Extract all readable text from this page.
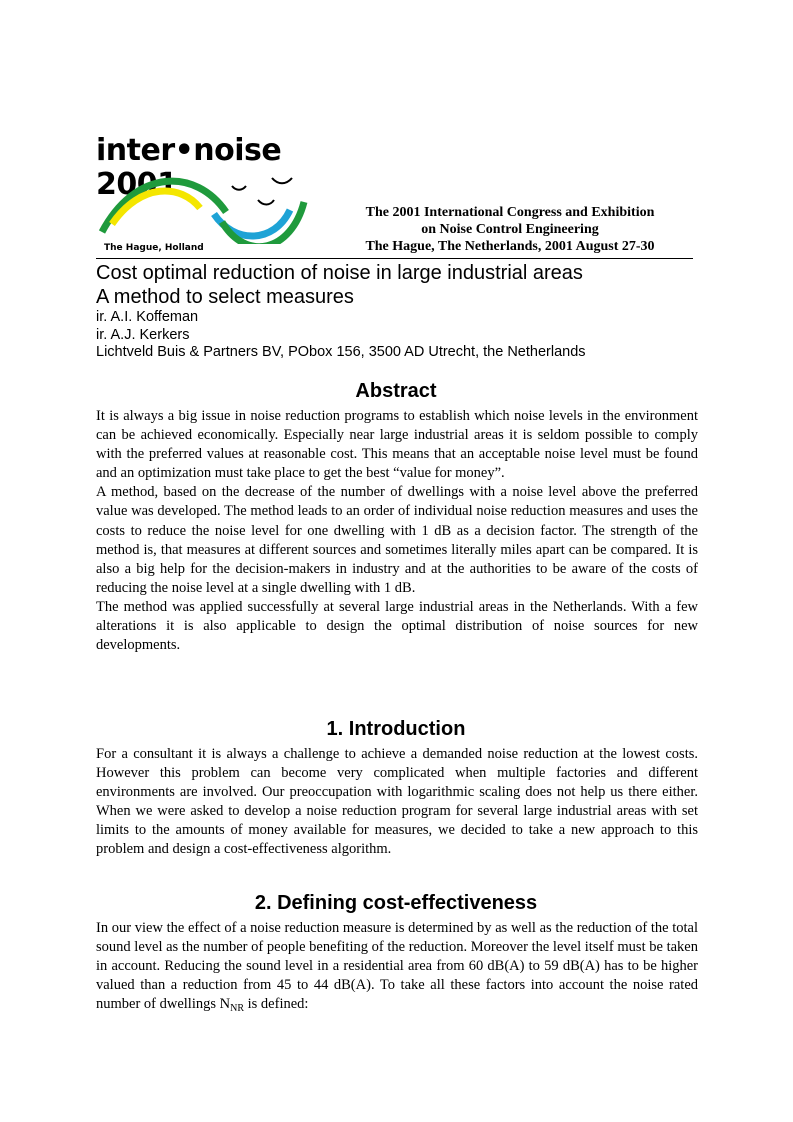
inter•noise 2001
The Hague, Holland
The 2001 International Congress and Exhibition
on Noise Control Engineering
The Hague, The Netherlands, 2001 August 27-30
Cost optimal reduction of noise in large industrial areas
A method to select measures
ir. A.I. Koffeman
ir. A.J. Kerkers
Lichtveld Buis & Partners BV, PObox 156, 3500 AD Utrecht, the Netherlands
Abstract

It is always a big issue in noise reduction programs to establish which noise levels in the environment can be achieved economically. Especially near large industrial areas it is seldom possible to comply with the preferred values at reasonable cost. This means that an acceptable noise level must be found and an optimization must take place to get the best “value for money”.

A method, based on the decrease of the number of dwellings with a noise level above the preferred value was developed. The method leads to an order of individual noise reduction measures and uses the costs to reduce the noise level for one dwelling with 1 dB as a decision factor. The strength of the method is, that measures at different sources and sometimes literally miles apart can be compared. It is also a big help for the decision-makers in industry and at the authorities to be aware of the costs of reducing the noise level at a single dwelling with 1 dB.

The method was applied successfully at several large industrial areas in the Netherlands. With a few alterations it is also applicable to design the optimal distribution of noise sources for new developments.

1. Introduction

For a consultant it is always a challenge to achieve a demanded noise reduction at the lowest costs. However this problem can become very complicated when multiple factories and different environments are involved. Our preoccupation with logarithmic scaling does not help us there either. When we were asked to develop a noise reduction program for several large industrial areas with set limits to the amounts of money available for measures, we decided to take a new approach to this problem and design a cost-effectiveness algorithm.

2. Defining cost-effectiveness

In our view the effect of a noise reduction measure is determined by as well as the reduction of the total sound level as the number of people benefiting of the reduction. Moreover the level itself must be taken in account. Reducing the sound level in a residential area from 60 dB(A) to 59 dB(A) has to be higher valued than a reduction from 45 to 44 dB(A). To take all these factors into account the noise rated number of dwellings $N_{NR}$ is defined:
